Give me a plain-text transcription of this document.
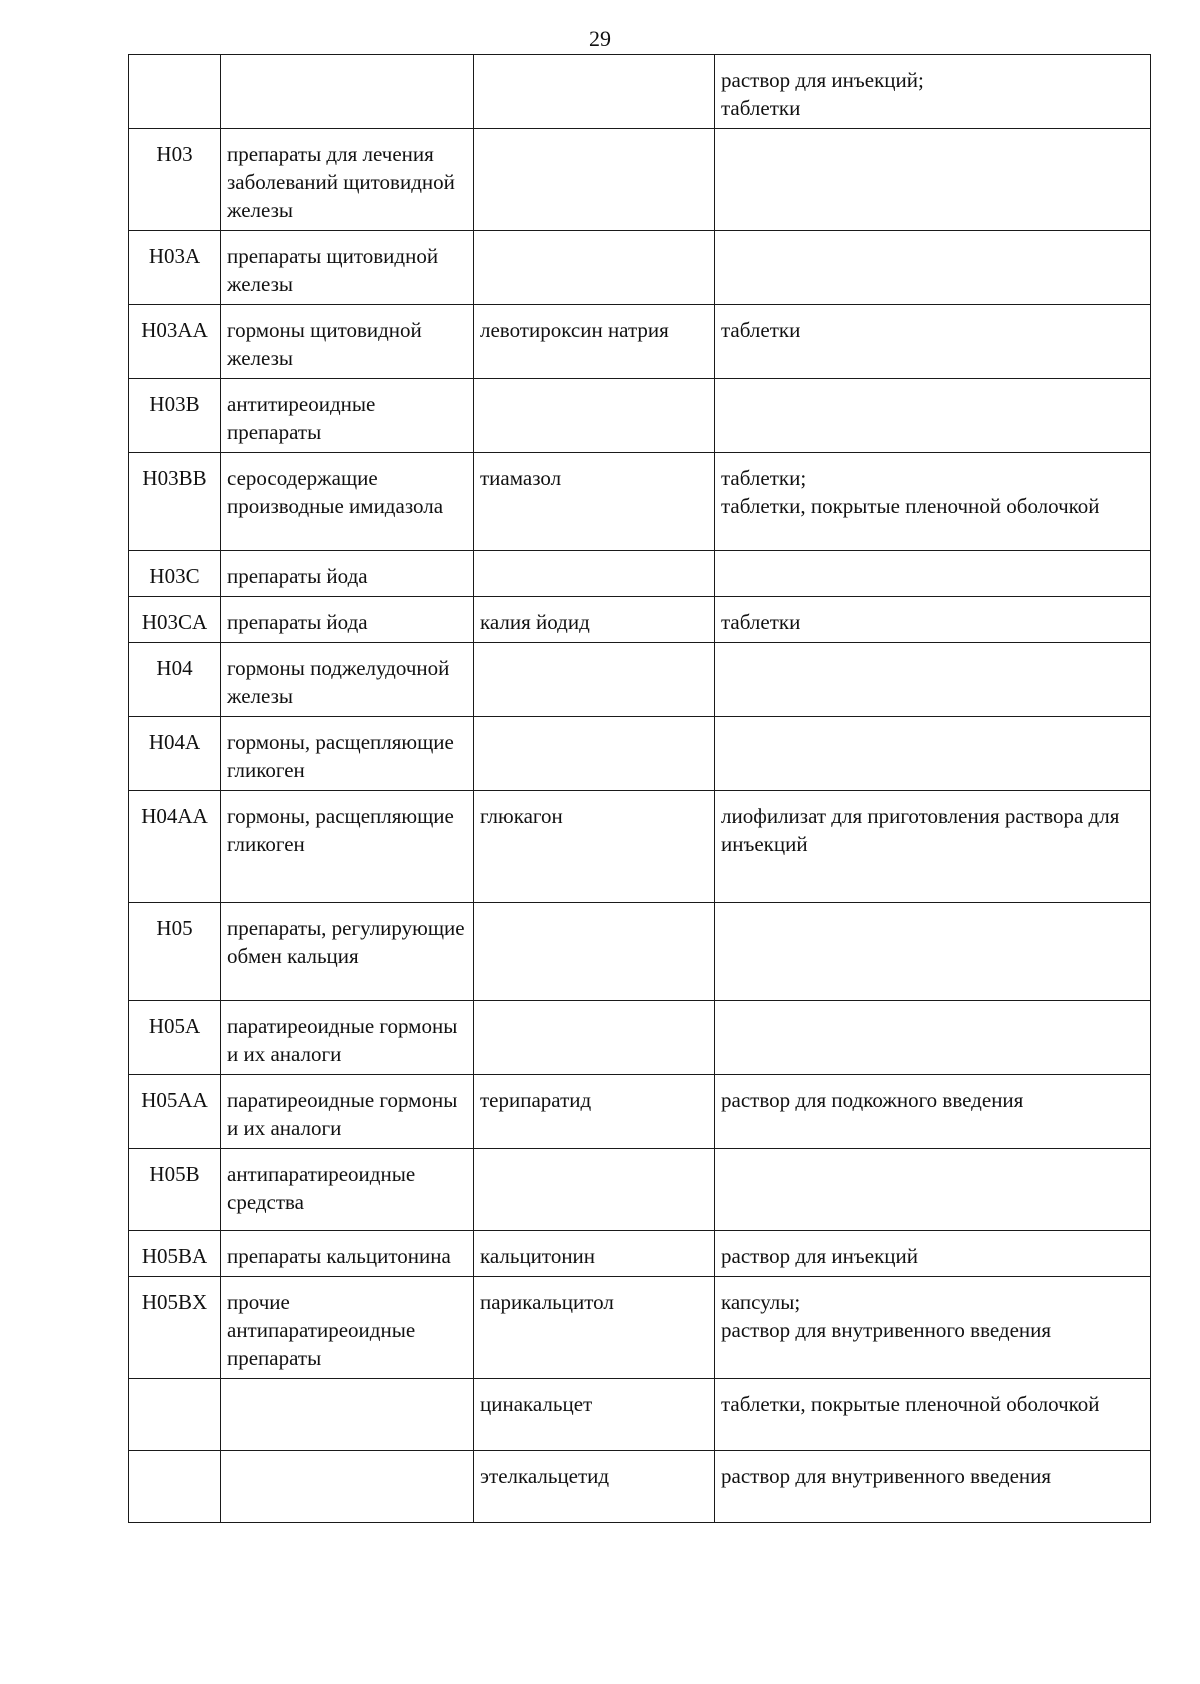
29

			раствор для инъекций;
таблетки

H03	препараты для лечения заболеваний щитовидной железы		
H03A	препараты щитовидной железы		
H03AA	гормоны щитовидной железы	левотироксин натрия	таблетки

H03B	антитиреоидные препараты		
H03BB	серосодержащие производные имидазола	тиамазол	таблетки;
таблетки, покрытые пленочной оболочкой

H03C	препараты йода		
H03CA	препараты йода	калия йодид	таблетки

H04	гормоны поджелудочной железы		
H04A	гормоны, расщепляющие гликоген		
H04AA	гормоны, расщепляющие гликоген	глюкагон	лиофилизат для приготовления раствора для инъекций

H05	препараты, регулирующие обмен кальция		
H05A	паратиреоидные гормоны и их аналоги		
H05AA	паратиреоидные гормоны и их аналоги	терипаратид	раствор для подкожного введения

H05B	антипаратиреоидные средства		
H05BA	препараты кальцитонина	кальцитонин	раствор для инъекций

H05BX	прочие антипаратиреоидные препараты	парикальцитол	капсулы;
раствор для внутривенного введения

		цинакальцет	таблетки, покрытые пленочной оболочкой

		этелкальцетид	раствор для внутривенного введения
